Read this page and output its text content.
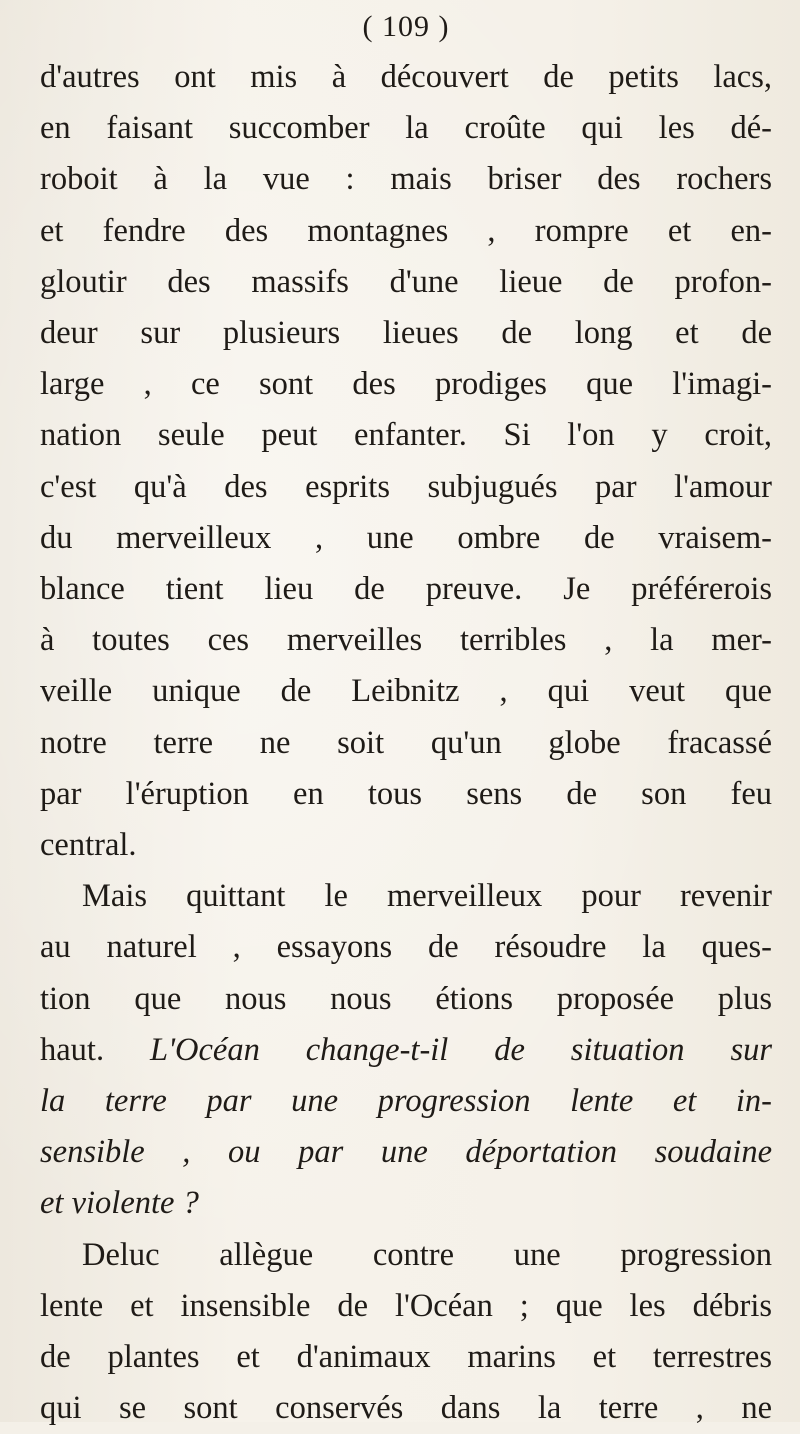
( 109 )
d'autres ont mis à découvert de petits lacs,
en faisant succomber la croûte qui les dé-
roboit à la vue : mais briser des rochers
et fendre des montagnes , rompre et en-
gloutir des massifs d'une lieue de profon-
deur sur plusieurs lieues de long et de
large , ce sont des prodiges que l'imagi-
nation seule peut enfanter. Si l'on y croit,
c'est qu'à des esprits subjugués par l'amour
du merveilleux , une ombre de vraisem-
blance tient lieu de preuve. Je préférerois
à toutes ces merveilles terribles , la mer-
veille unique de Leibnitz , qui veut que
notre terre ne soit qu'un globe fracassé
par l'éruption en tous sens de son feu
central.
Mais quittant le merveilleux pour revenir
au naturel , essayons de résoudre la ques-
tion que nous nous étions proposée plus
haut. L'Océan change-t-il de situation sur
la terre par une progression lente et in-
sensible , ou par une déportation soudaine
et violente ?
Deluc allègue contre une progression
lente et insensible de l'Océan ; que les débris
de plantes et d'animaux marins et terrestres
qui se sont conservés dans la terre , ne
